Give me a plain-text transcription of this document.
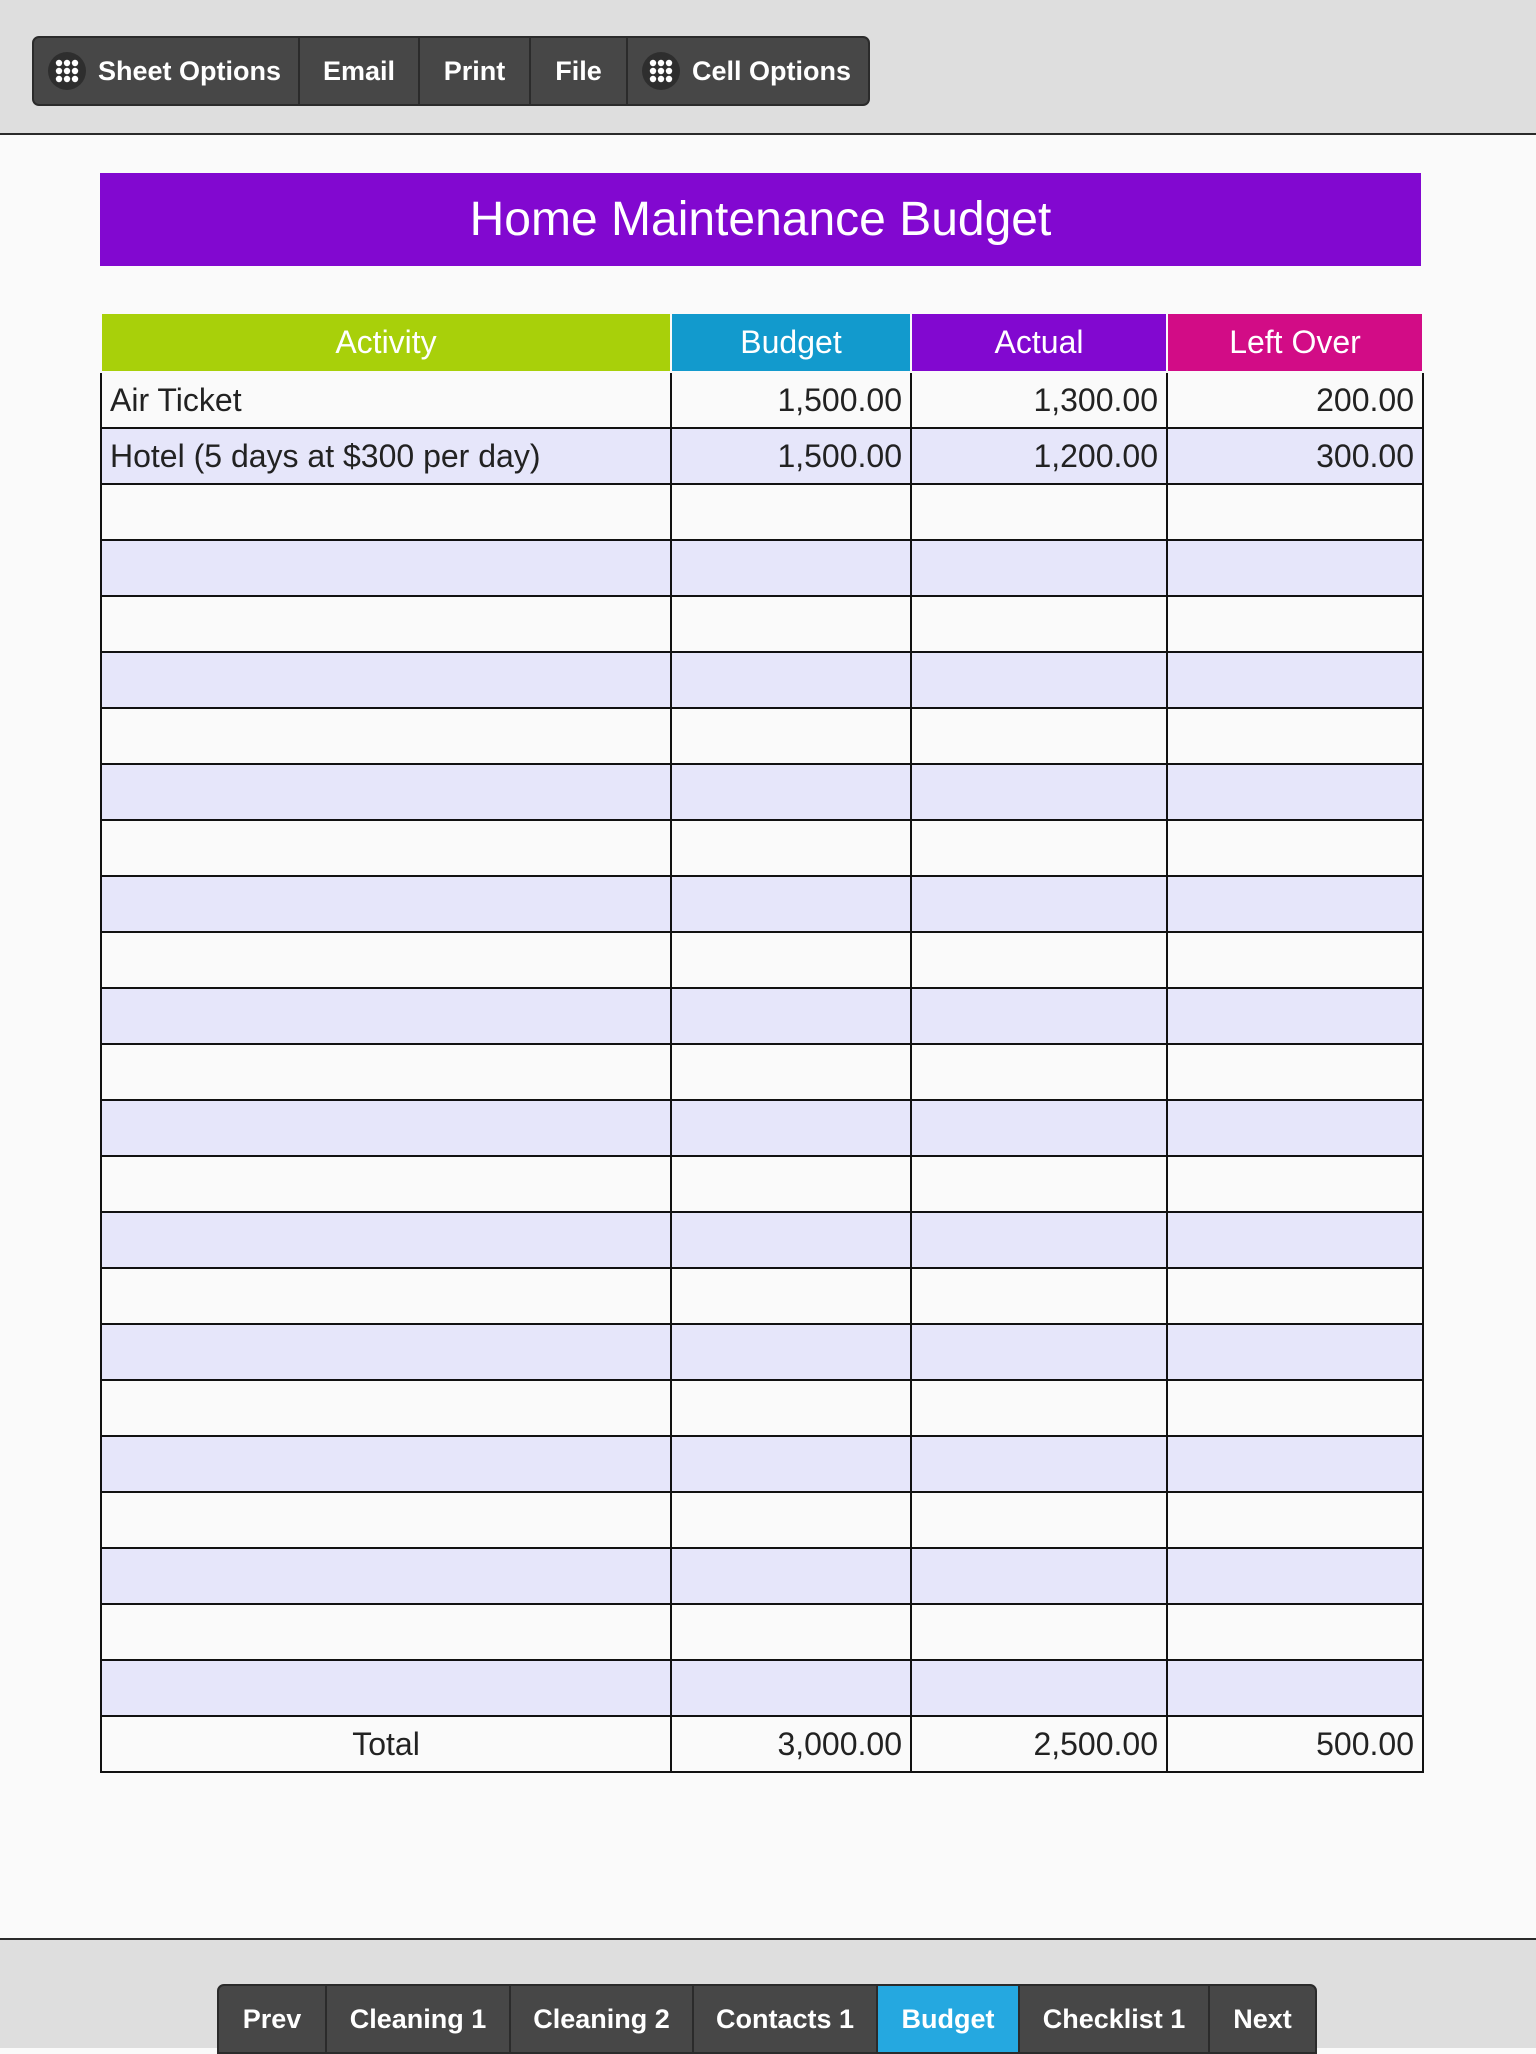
Sheet Options	Email	Print	File	Cell Options
Home Maintenance Budget
Activity	Budget	Actual	Left Over
Air Ticket	1,500.00	1,300.00	200.00
Hotel (5 days at $300 per day)	1,500.00	1,200.00	300.00

Total	3,000.00	2,500.00	500.00
Prev	Cleaning 1	Cleaning 2	Contacts 1	Budget	Checklist 1	Next
